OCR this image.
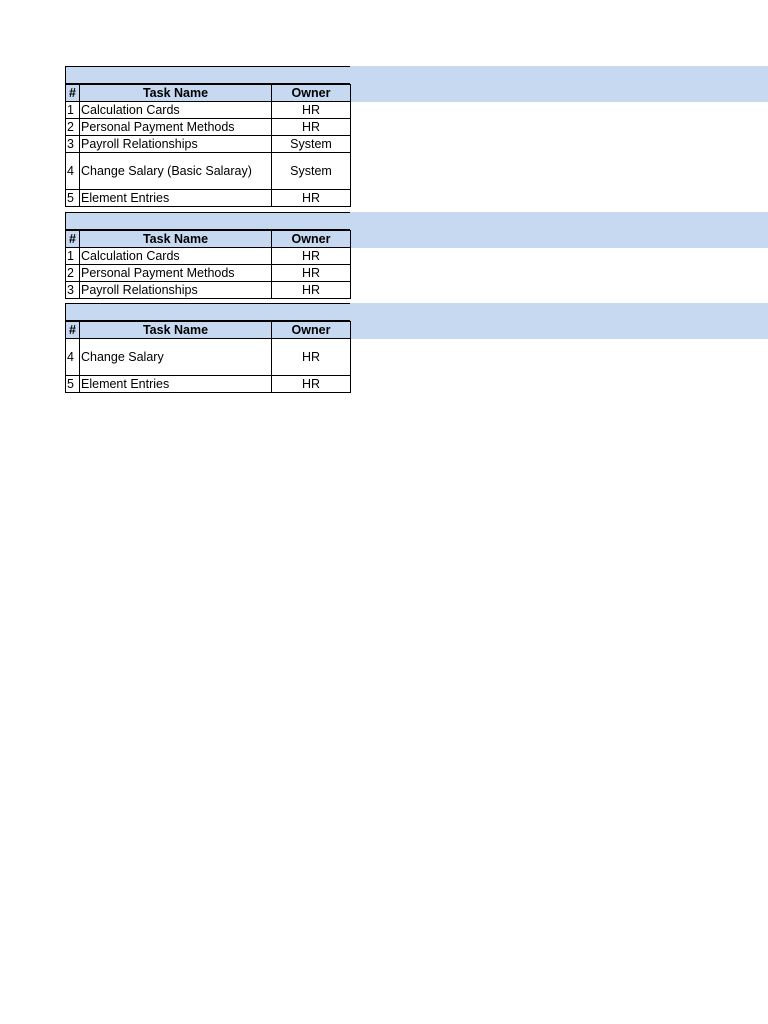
#	Task Name	Owner
1	Calculation Cards	HR
2	Personal Payment Methods	HR
3	Payroll Relationships	System
4	Change Salary (Basic Salaray)	System
5	Element Entries	HR
#	Task Name	Owner
1	Calculation Cards	HR
2	Personal Payment Methods	HR
3	Payroll Relationships	HR
#	Task Name	Owner
4	Change Salary	HR
5	Element Entries	HR
